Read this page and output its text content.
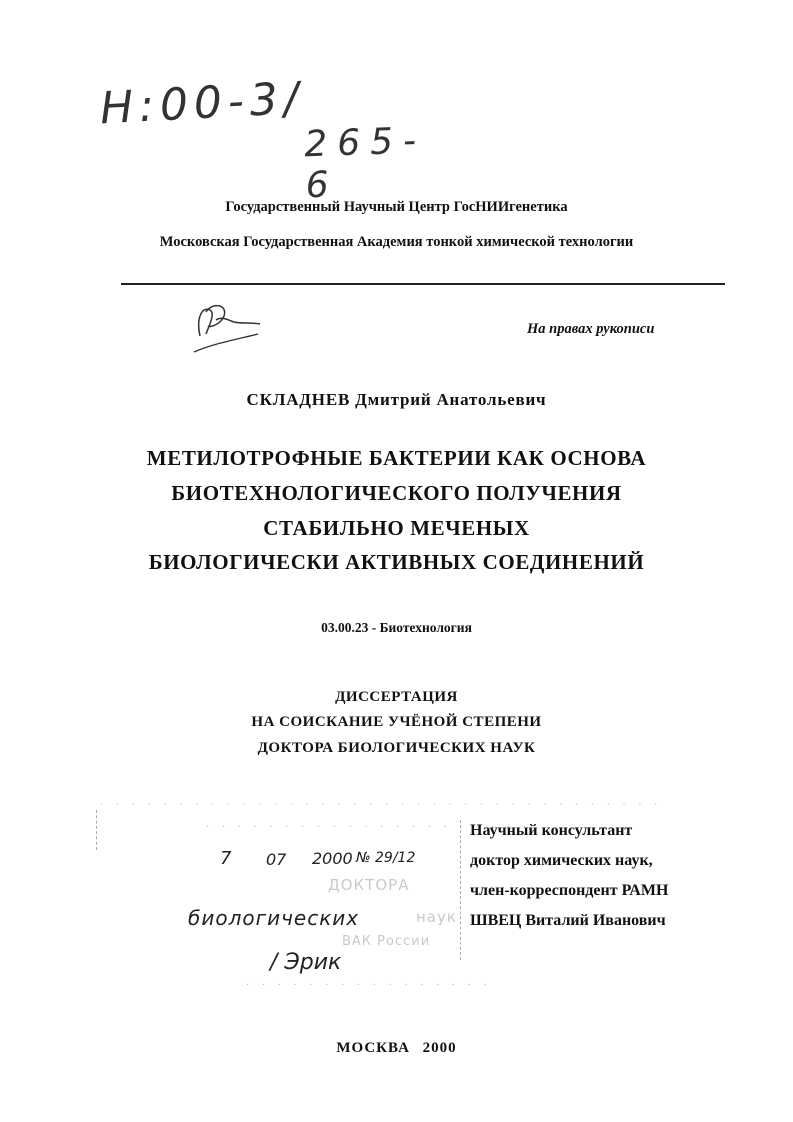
Н:00-3/
265-6
Государственный Научный Центр ГосНИИгенетика
Московская Государственная Академия тонкой химической технологии
На правах рукописи
СКЛАДНЕВ Дмитрий Анатольевич
МЕТИЛОТРОФНЫЕ БАКТЕРИИ КАК ОСНОВА
БИОТЕХНОЛОГИЧЕСКОГО ПОЛУЧЕНИЯ
СТАБИЛЬНО МЕЧЕНЫХ
БИОЛОГИЧЕСКИ АКТИВНЫХ СОЕДИНЕНИЙ
03.00.23 - Биотехнология
ДИССЕРТАЦИЯ
НА СОИСКАНИЕ УЧЁНОЙ СТЕПЕНИ
ДОКТОРА БИОЛОГИЧЕСКИХ НАУК
· · · · · · · · · · · · · · · · · · · · · · · · · · · · · · · · · · · ·
· · · · · · · · · · · · · · · · · · · · ·
7 07 2000 № 29/12
ДОКТОРА
наук
ВАК России
биологических
/ Эрик
· · · · · · · · · · · · · · · ·
Научный консультант
доктор химических наук,
член-корреспондент РАМН
ШВЕЦ Виталий Иванович
МОСКВА 2000
